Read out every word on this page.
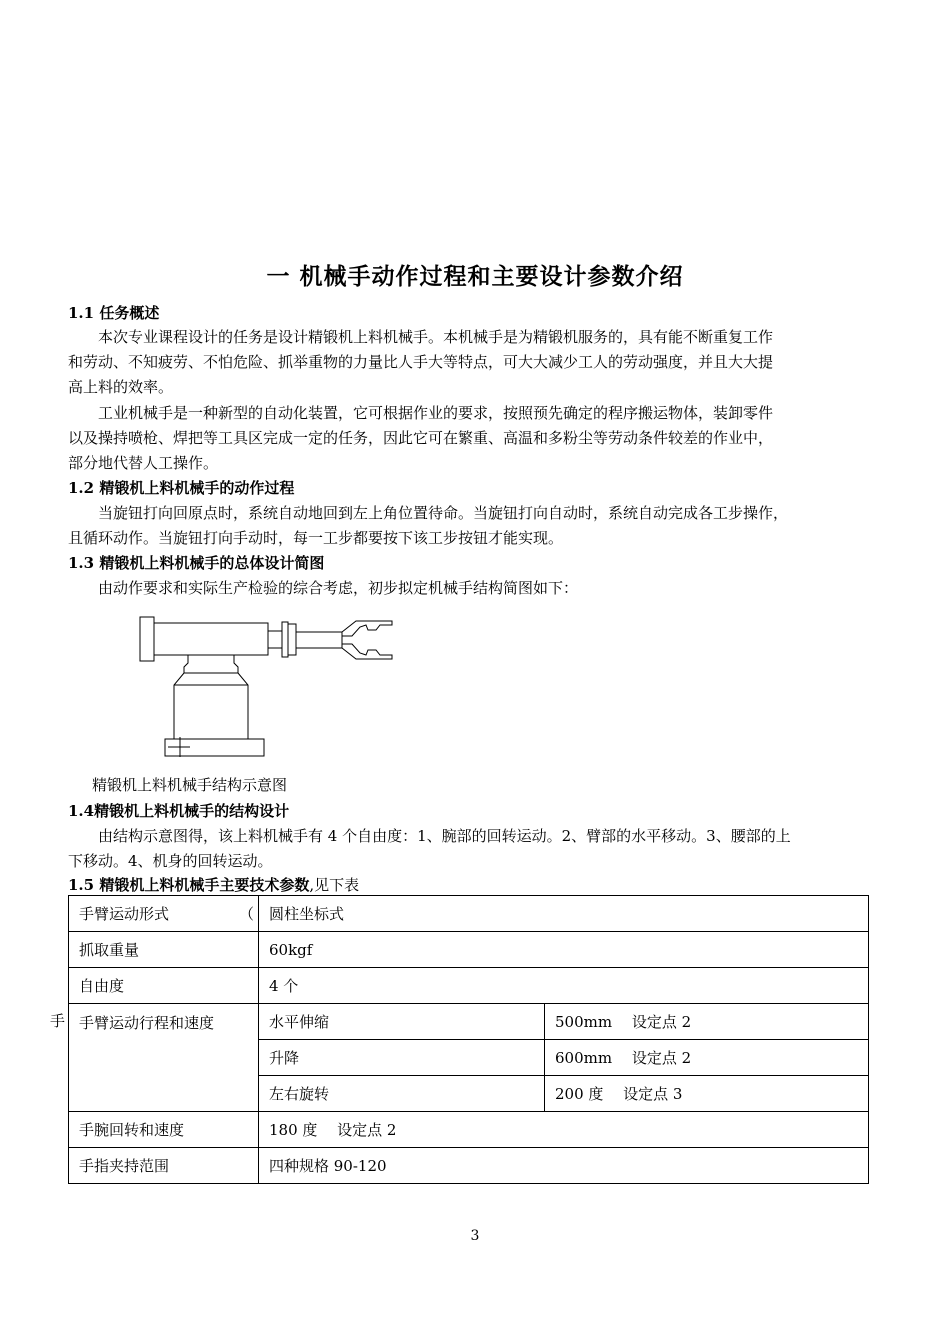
一 机械手动作过程和主要设计参数介绍
1.1 任务概述
　　本次专业课程设计的任务是设计精锻机上料机械手。本机械手是为精锻机服务的，具有能不断重复工作
和劳动、不知疲劳、不怕危险、抓举重物的力量比人手大等特点，可大大减少工人的劳动强度，并且大大提
高上料的效率。
　　工业机械手是一种新型的自动化装置，它可根据作业的要求，按照预先确定的程序搬运物体，装卸零件
以及操持喷枪、焊把等工具区完成一定的任务，因此它可在繁重、高温和多粉尘等劳动条件较差的作业中，
部分地代替人工操作。
1.2 精锻机上料机械手的动作过程
　　当旋钮打向回原点时，系统自动地回到左上角位置待命。当旋钮打向自动时，系统自动完成各工步操作，
且循环动作。当旋钮打向手动时，每一工步都要按下该工步按钮才能实现。
1.3 精锻机上料机械手的总体设计简图
　　由动作要求和实际生产检验的综合考虑，初步拟定机械手结构简图如下：
精锻机上料机械手结构示意图
1.4精锻机上料机械手的结构设计
　　由结构示意图得，该上料机械手有 4 个自由度：1、腕部的回转运动。2、臂部的水平移动。3、腰部的上
下移动。4、机身的回转运动。
1.5 精锻机上料机械手主要技术参数,见下表
手
手臂运动形式 （	圆柱坐标式	
抓取重量	60kgf	
自由度	4 个	
手臂运动行程和速度	水平伸缩	500mm　 设定点 2
	升降	600mm　 设定点 2
	左右旋转	200 度　 设定点 3
手腕回转和速度	180 度　 设定点 2	
手指夹持范围	四种规格 90-120	
3
